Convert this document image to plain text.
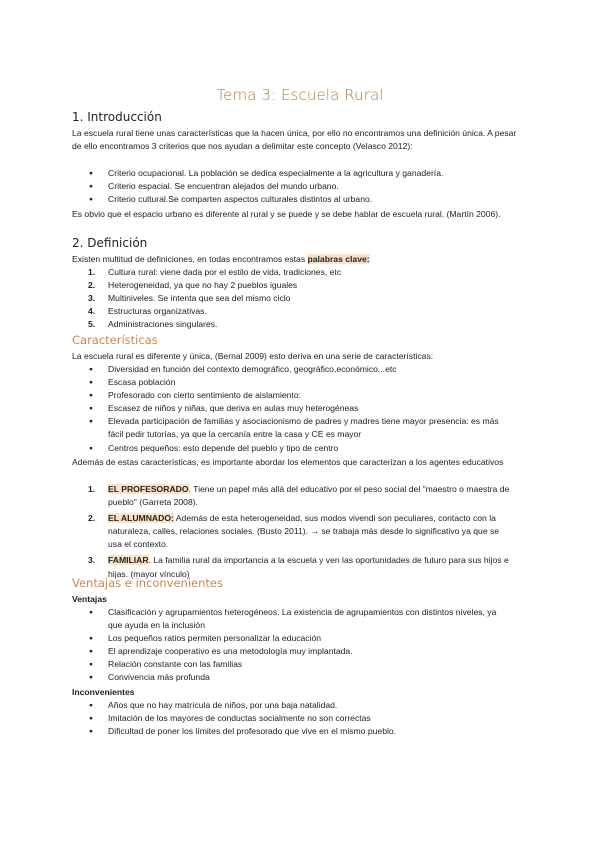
Tema 3: Escuela Rural
1. Introducción
La escuela rural tiene unas características que la hacen única, por ello no encontramos una definición única. A pesar de ello encontramos 3 criterios que nos ayudan a delimitar este concepto (Velasco 2012):
● Criterio ocupacional. La población se dedica especialmente a la agricultura y ganadería.
● Criterio espacial. Se encuentran alejados del mundo urbano.
● Criterio cultural.Se comparten aspectos culturales distintos al urbano.
Es obvio que el espacio urbano es diferente al rural y se puede y se debe hablar de escuela rural. (Martín 2006).
2. Definición
Existen multitud de definiciones, en todas encontramos estas palabras clave:
1. Cultura rural: viene dada por el estilo de vida, tradiciones, etc
2. Heterogeneidad, ya que no hay 2 pueblos iguales
3. Multiniveles. Se intenta que sea del mismo ciclo
4. Estructuras organizativas.
5. Administraciones singulares.
Características
La escuela rural es diferente y única, (Bernal 2009) esto deriva en una serie de características:
● Diversidad en función del contexto demográfico, geográfico,económico...etc
● Escasa población
● Profesorado con cierto sentimiento de aislamiento:
● Escasez de niños y niñas, que deriva en aulas muy heterogéneas
● Elevada participación de familias y asociacionismo de padres y madres tiene mayor presencia: es más fácil pedir tutorías, ya que la cercanía entre la casa y CE es mayor
● Centros pequeños: esto depende del pueblo y tipo de centro
Además de estas características, es importante abordar los elementos que caracterizan a los agentes educativos
1. EL PROFESORADO. Tiene un papel más allá del educativo por el peso social del "maestro o maestra de pueblo" (Garreta 2008).
2. EL ALUMNADO: Además de esta heterogeneidad, sus modos vivendi son peculiares, contacto con la naturaleza, calles, relaciones sociales. (Busto 2011). → se trabaja más desde lo significativo ya que se usa el contexto.
3. FAMILIAR. La familia rural da importancia a la escuela y ven las oportunidades de futuro para sus hijos e hijas. (mayor vínculo)
Ventajas e inconvenientes
Ventajas
● Clasificación y agrupamientos heterogéneos. La existencia de agrupamientos con distintos niveles, ya que ayuda en la inclusión
● Los pequeños ratios permiten personalizar la educación
● El aprendizaje cooperativo es una metodología muy implantada.
● Relación constante con las familias
● Convivencia más profunda
Inconvenientes
● Años que no hay matrícula de niños, por una baja natalidad.
● Imitación de los mayores de conductas socialmente no son correctas
● Dificultad de poner los límites del profesorado que vive en el mismo pueblo.
